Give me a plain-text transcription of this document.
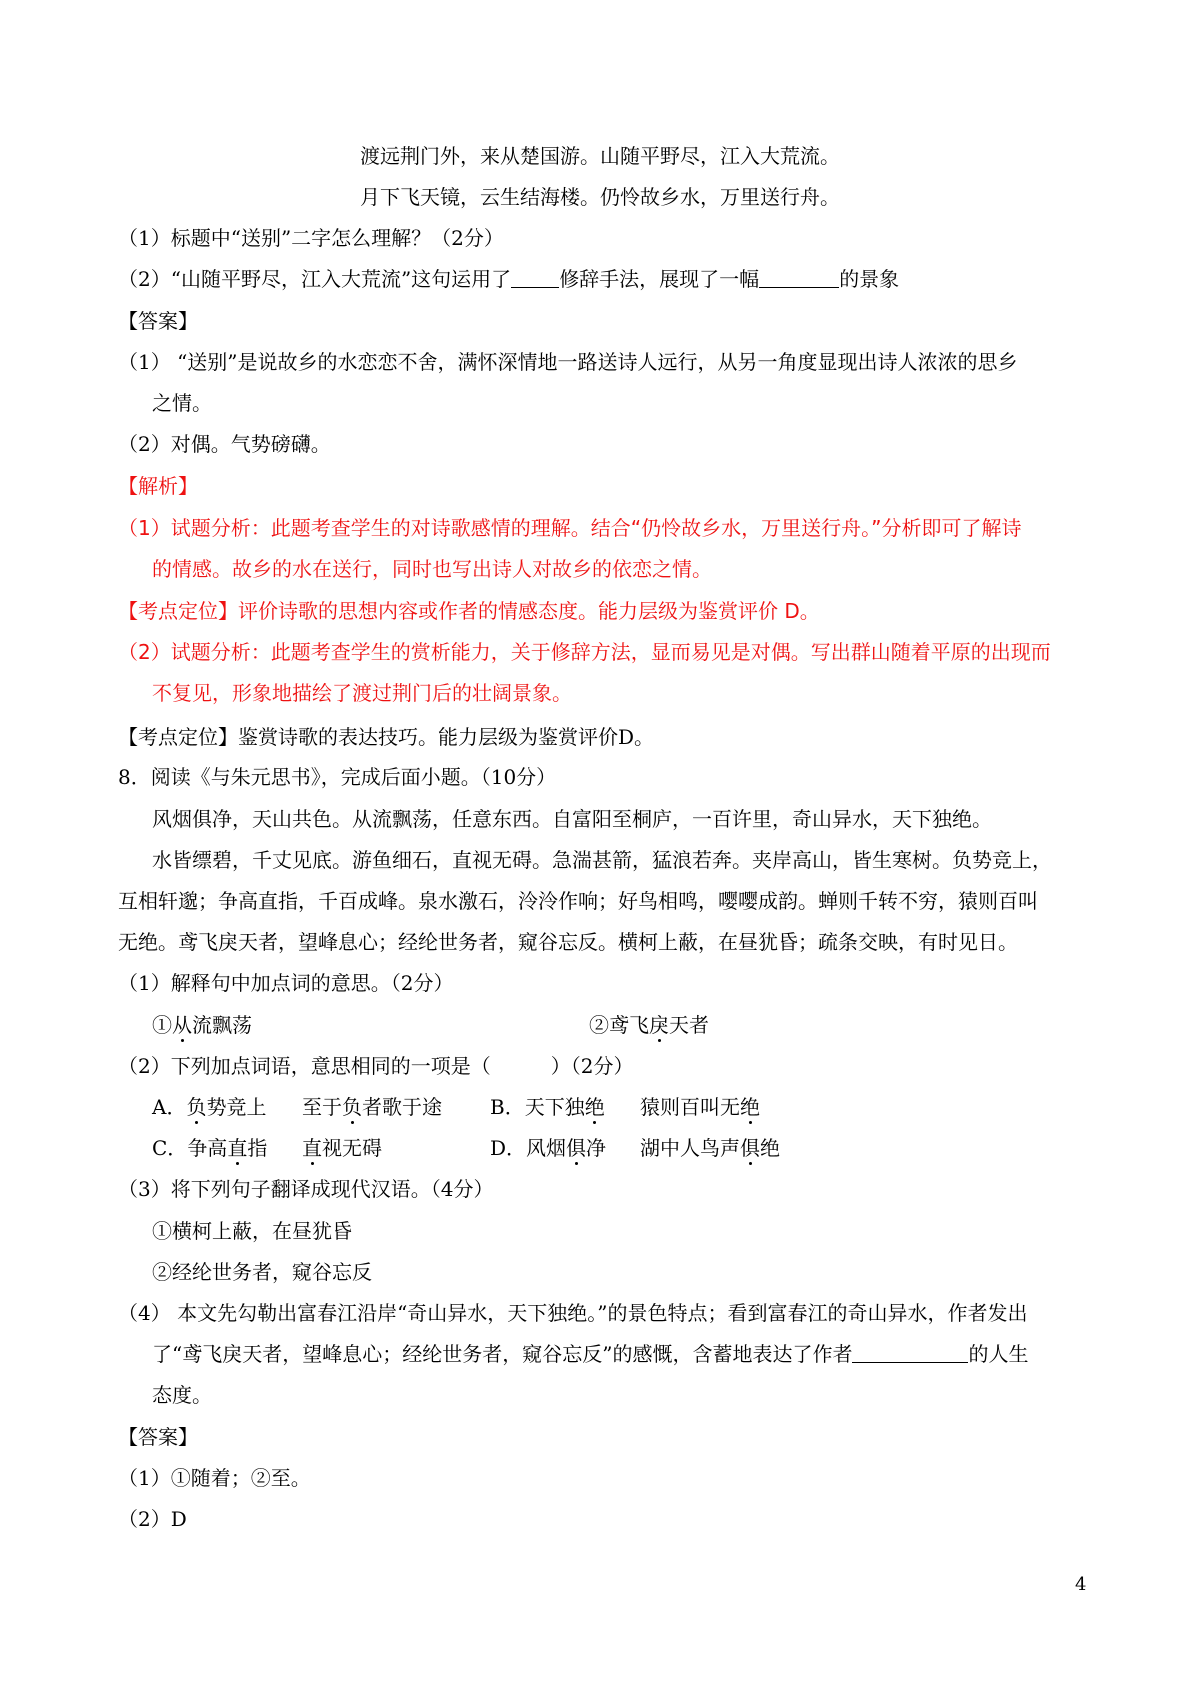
渡远荆门外，来从楚国游。山随平野尽，江入大荒流。
月下飞天镜，云生结海楼。仍怜故乡水，万里送行舟。
（1）标题中“送别”二字怎么理解？（2分）
（2）“山随平野尽，江入大荒流”这句运用了 修辞手法，展现了一幅	的景象
【答案】
（1） “送别”是说故乡的水恋恋不舍，满怀深情地一路送诗人远行，从另一角度显现出诗人浓浓的思乡
之情。
（2）对偶。气势磅礴。
【解析】
（1）试题分析：此题考查学生的对诗歌感情的理解。结合“仍怜故乡水，万里送行舟。”分析即可了解诗
的情感。故乡的水在送行，同时也写出诗人对故乡的依恋之情。
【考点定位】评价诗歌的思想内容或作者的情感态度。能力层级为鉴赏评价 D。
（2）试题分析：此题考查学生的赏析能力，关于修辞方法，显而易见是对偶。写出群山随着平原的出现而
不复见，形象地描绘了渡过荆门后的壮阔景象。
【考点定位】鉴赏诗歌的表达技巧。能力层级为鉴赏评价D。
8．阅读《与朱元思书》，完成后面小题。（10分）
风烟俱净，天山共色。从流飘荡，任意东西。自富阳至桐庐，一百许里，奇山异水，天下独绝。
水皆缥碧，千丈见底。游鱼细石，直视无碍。急湍甚箭，猛浪若奔。夹岸高山，皆生寒树。负势竞上，
互相轩邈；争高直指，千百成峰。泉水激石，泠泠作响；好鸟相鸣，嘤嘤成韵。蝉则千转不穷，猿则百叫
无绝。鸢飞戾天者，望峰息心；经纶世务者，窥谷忘反。横柯上蔽，在昼犹昏；疏条交映，有时见日。
（1）解释句中加点词的意思。（2分）
①从流飘荡	②鸢飞戾天者
（2）下列加点词语，意思相同的一项是（　　　）（2分）
A．负势竞上 至于负者歌于途 B．天下独绝 猿则百叫无绝
C．争高直指 直视无碍	D．风烟俱净 湖中人鸟声俱绝
（3）将下列句子翻译成现代汉语。（4分）
①横柯上蔽，在昼犹昏
②经纶世务者，窥谷忘反
（4） 本文先勾勒出富春江沿岸“奇山异水，天下独绝。”的景色特点；看到富春江的奇山异水，作者发出
了“鸢飞戾天者，望峰息心；经纶世务者，窥谷忘反”的感慨，含蓄地表达了作者	的人生
态度。
【答案】
（1）①随着；②至。
（2）D
4
